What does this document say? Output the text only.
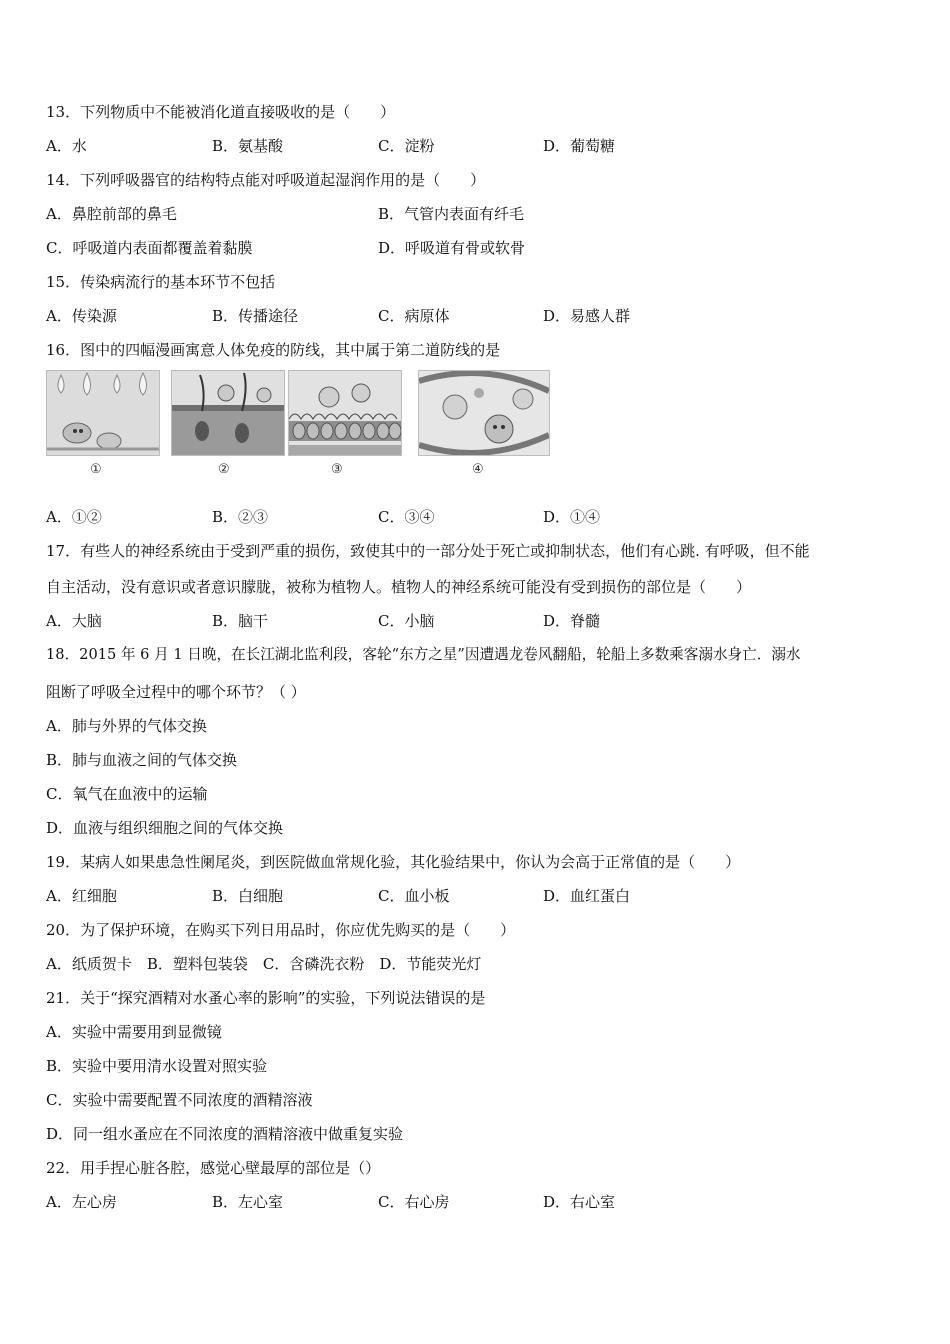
13．下列物质中不能被消化道直接吸收的是（　　）
A．水	B．氨基酸	C．淀粉	D．葡萄糖
14．下列呼吸器官的结构特点能对呼吸道起湿润作用的是（　　）
A．鼻腔前部的鼻毛	B．气管内表面有纤毛
C．呼吸道内表面都覆盖着黏膜	D．呼吸道有骨或软骨
15．传染病流行的基本环节不包括
A．传染源	B．传播途径	C．病原体	D．易感人群
16．图中的四幅漫画寓意人体免疫的防线，其中属于第二道防线的是
①	②	③	④
A．①②	B．②③	C．③④	D．①④
17．有些人的神经系统由于受到严重的损伤，致使其中的一部分处于死亡或抑制状态，他们有心跳. 有呼吸，但不能
自主活动，没有意识或者意识朦胧，被称为植物人。植物人的神经系统可能没有受到损伤的部位是（　　）
A．大脑	B．脑干	C．小脑	D．脊髓
18．2015 年 6 月 1 日晚，在长江湖北监利段，客轮“东方之星”因遭遇龙卷风翻船，轮船上多数乘客溺水身亡．溺水
阻断了呼吸全过程中的哪个环节？（ ）
A．肺与外界的气体交换
B．肺与血液之间的气体交换
C．氧气在血液中的运输
D．血液与组织细胞之间的气体交换
19．某病人如果患急性阑尾炎，到医院做血常规化验，其化验结果中，你认为会高于正常值的是（　　）
A．红细胞	B．白细胞	C．血小板	D．血红蛋白
20．为了保护环境，在购买下列日用品时，你应优先购买的是（　　）
A．纸质贺卡　B．塑料包装袋　C．含磷洗衣粉　D．节能荧光灯
21．关于“探究酒精对水蚤心率的影响”的实验，下列说法错误的是
A．实验中需要用到显微镜
B．实验中要用清水设置对照实验
C．实验中需要配置不同浓度的酒精溶液
D．同一组水蚤应在不同浓度的酒精溶液中做重复实验
22．用手捏心脏各腔，感觉心壁最厚的部位是（）
A．左心房	B．左心室	C．右心房	D．右心室
